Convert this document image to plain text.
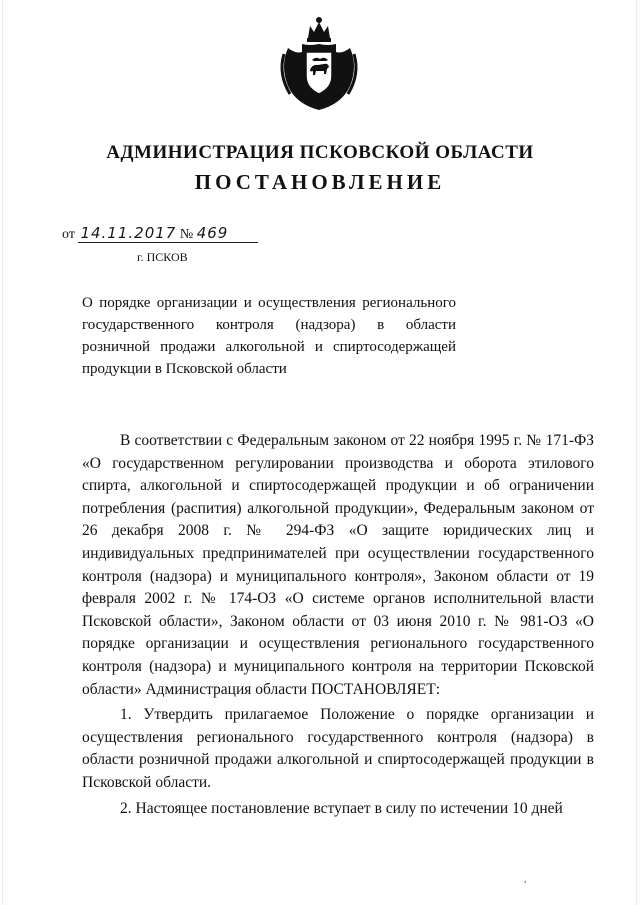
АДМИНИСТРАЦИЯ ПСКОВСКОЙ ОБЛАСТИ
ПОСТАНОВЛЕНИЕ
от 14.11.2017 № 469
г. ПСКОВ
О порядке организации и осуществления регионального государственного контроля (надзора) в области розничной продажи алкогольной и спиртосодержащей продукции в Псковской области

В соответствии с Федеральным законом от 22 ноября 1995 г. № 171-ФЗ «О государственном регулировании производства и оборота этилового спирта, алкогольной и спиртосодержащей продукции и об ограничении потребления (распития) алкогольной продукции», Федеральным законом от 26 декабря 2008 г. № 294-ФЗ «О защите юридических лиц и индивидуальных предпринимателей при осуществлении государственного контроля (надзора) и муниципального контроля», Законом области от 19 февраля 2002 г. № 174-ОЗ «О системе органов исполнительной власти Псковской области», Законом области от 03 июня 2010 г. № 981-ОЗ «О порядке организации и осуществления регионального государственного контроля (надзора) и муниципального контроля на территории Псковской области» Администрация области ПОСТАНОВЛЯЕТ:

1. Утвердить прилагаемое Положение о порядке организации и осуществления регионального государственного контроля (надзора) в области розничной продажи алкогольной и спиртосодержащей продукции в Псковской области.

2. Настоящее постановление вступает в силу по истечении 10 дней

,
